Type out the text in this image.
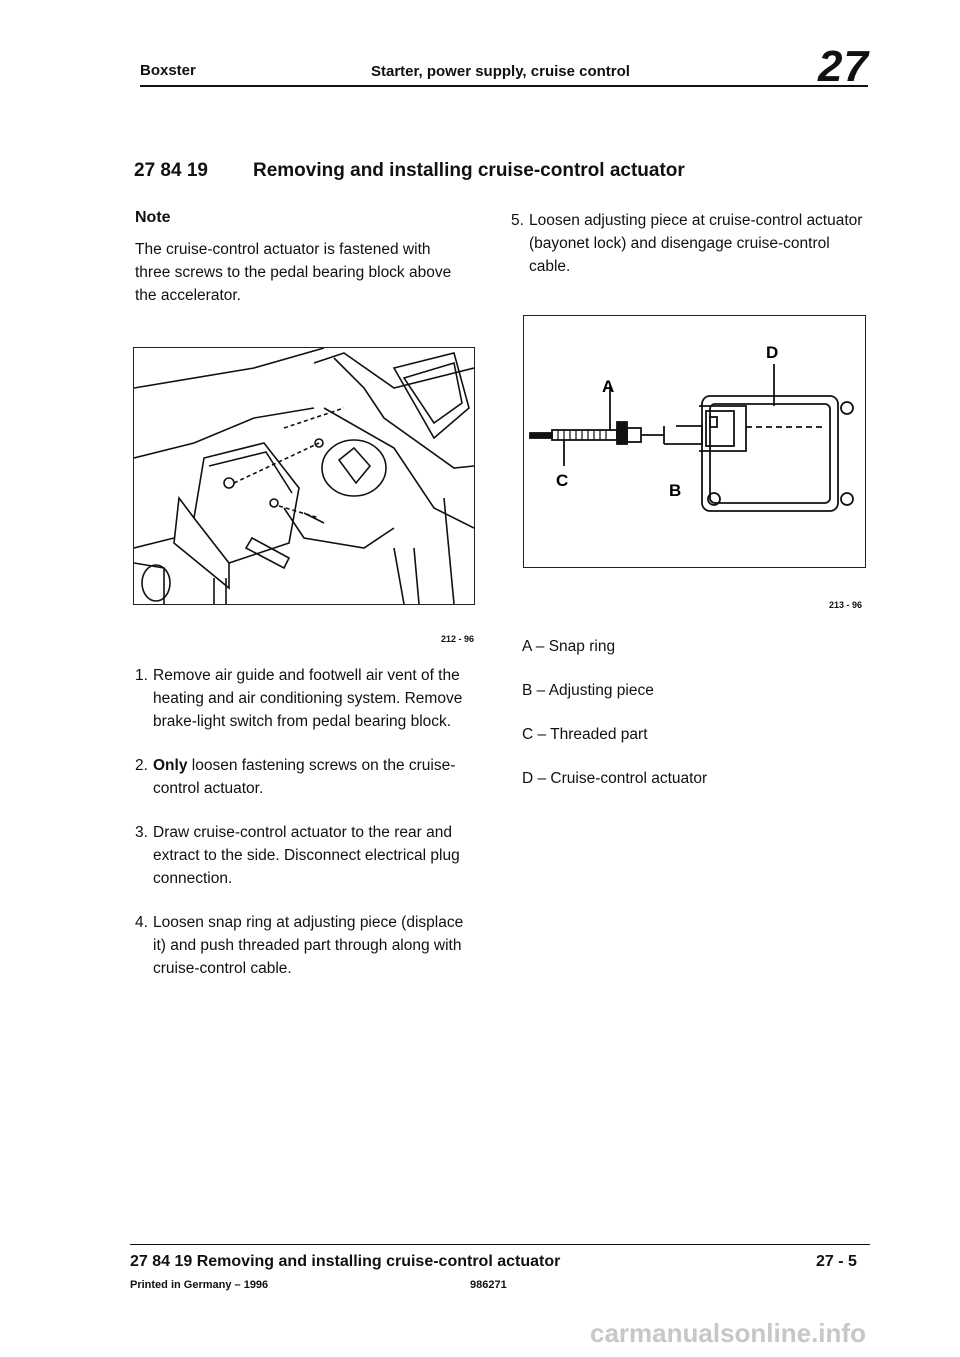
Boxster	Starter, power supply, cruise control	27
27 84 19 Removing and installing cruise-control actuator
Note
The cruise-control actuator is fastened with three screws to the pedal bearing block above the accelerator.
212 - 96
1. Remove air guide and footwell air vent of the heating and air conditioning system. Remove brake-light switch from pedal bearing block.
2. Only loosen fastening screws on the cruise-control actuator.
3. Draw cruise-control actuator to the rear and extract to the side. Disconnect electrical plug connection.
4. Loosen snap ring at adjusting piece (displace it) and push threaded part through along with cruise-control cable.
5. Loosen adjusting piece at cruise-control actuator (bayonet lock) and disengage cruise-control cable.
A
C
B
D
213 - 96
A – Snap ring
B – Adjusting piece
C – Threaded part
D – Cruise-control actuator
27 84 19 Removing and installing cruise-control actuator	27 - 5
Printed in Germany – 1996	986271
carmanualsonline.info
